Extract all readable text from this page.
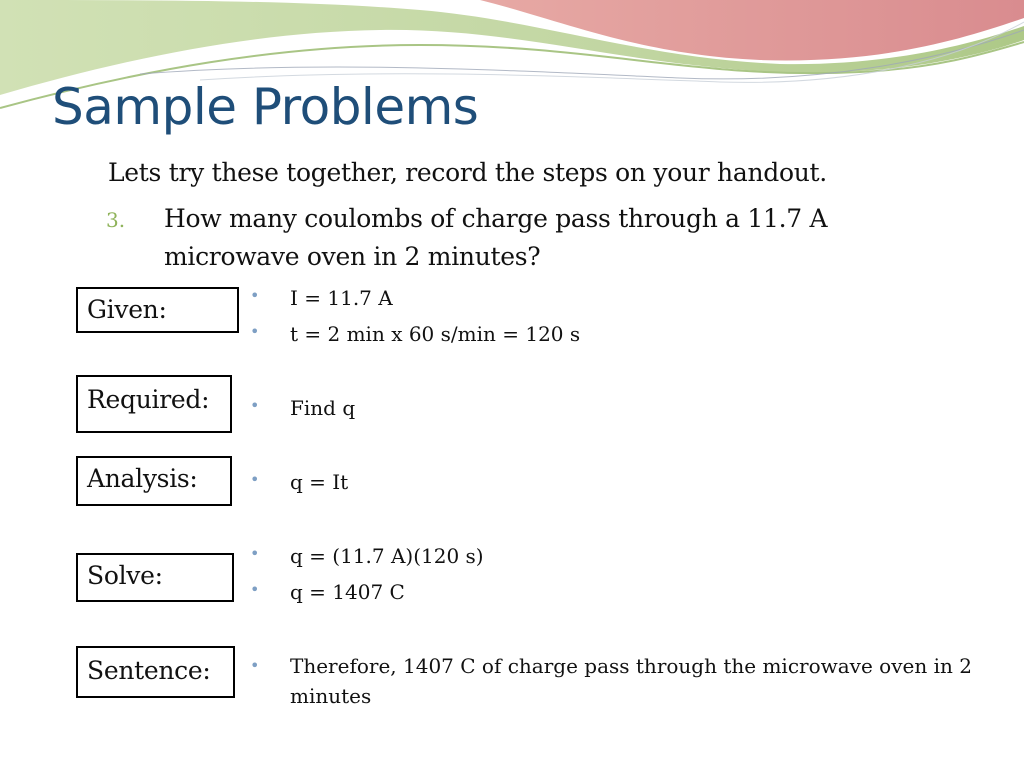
Sample Problems
Lets try these together, record the steps on your handout.
3. How many coulombs of charge pass through a 11.7 A microwave oven in 2 minutes?
Given:	• I = 11.7 A
• t = 2 min x 60 s/min = 120 s
Required:	• Find q
Analysis:	• q = It
Solve:
• q = (11.7 A)(120 s)
• q = 1407 C
Sentence:	• Therefore, 1407 C of charge pass through the microwave oven in 2 minutes
